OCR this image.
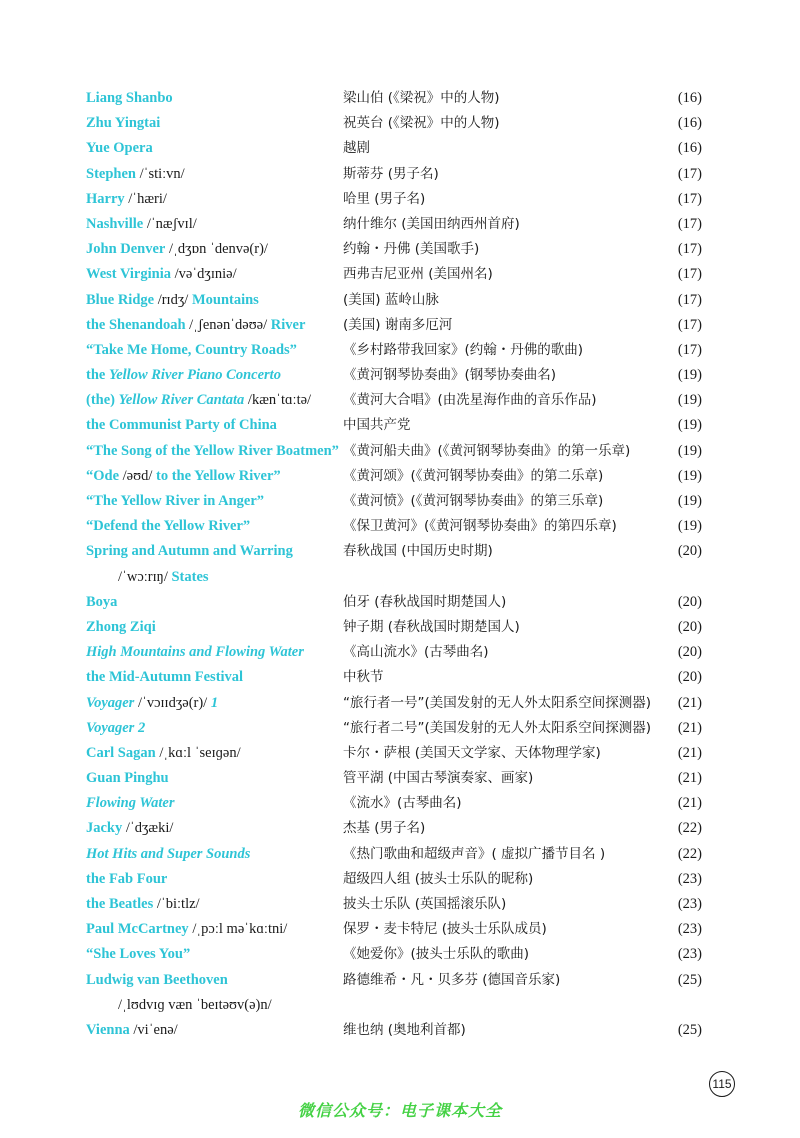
Liang Shanbo	梁山伯 (《梁祝》中的人物)	(16)
Zhu Yingtai	祝英台 (《梁祝》中的人物)	(16)
Yue Opera	越剧	(16)
Stephen /ˈstiːvn/	斯蒂芬 (男子名)	(17)
Harry /ˈhæri/	哈里 (男子名)	(17)
Nashville /ˈnæʃvɪl/	纳什维尔 (美国田纳西州首府)	(17)
John Denver /ˌdʒɒn ˈdenvə(r)/	约翰・丹佛 (美国歌手)	(17)
West Virginia /vəˈdʒɪniə/	西弗吉尼亚州 (美国州名)	(17)
Blue Ridge /rɪdʒ/ Mountains	(美国) 蓝岭山脉	(17)
the Shenandoah /ˌʃenənˈdəʊə/ River	(美国) 谢南多厄河	(17)
“Take Me Home, Country Roads”	《乡村路带我回家》(约翰・丹佛的歌曲)	(17)
the Yellow River Piano Concerto	《黄河钢琴协奏曲》(钢琴协奏曲名)	(19)
(the) Yellow River Cantata /kænˈtɑːtə/ 《黄河大合唱》(由冼星海作曲的音乐作品)	(19)
the Communist Party of China	中国共产党	(19)
“The Song of the Yellow River Boatmen” 《黄河船夫曲》(《黄河钢琴协奏曲》的第一乐章)	(19)
“Ode /əʊd/ to the Yellow River”	《黄河颂》(《黄河钢琴协奏曲》的第二乐章)	(19)
“The Yellow River in Anger”	《黄河愤》(《黄河钢琴协奏曲》的第三乐章)	(19)
“Defend the Yellow River”	《保卫黄河》(《黄河钢琴协奏曲》的第四乐章)	(19)
Spring and Autumn and Warring	春秋战国 (中国历史时期)	(20)
/ˈwɔːrɪŋ/ States
Boya	伯牙 (春秋战国时期楚国人)	(20)
Zhong Ziqi	钟子期 (春秋战国时期楚国人)	(20)
High Mountains and Flowing Water	《高山流水》(古琴曲名)	(20)
the Mid-Autumn Festival	中秋节	(20)
Voyager /ˈvɔɪɪdʒə(r)/ 1	“旅行者一号”(美国发射的无人外太阳系空间探测器) (21)
Voyager 2	“旅行者二号”(美国发射的无人外太阳系空间探测器) (21)
Carl Sagan /ˌkɑːl ˈseɪɡən/	卡尔・萨根 (美国天文学家、天体物理学家)	(21)
Guan Pinghu	管平湖 (中国古琴演奏家、画家)	(21)
Flowing Water	《流水》(古琴曲名)	(21)
Jacky /ˈdʒæki/	杰基 (男子名)	(22)
Hot Hits and Super Sounds	《热门歌曲和超级声音》( 虚拟广播节目名 )	(22)
the Fab Four	超级四人组 (披头士乐队的昵称)	(23)
the Beatles /ˈbiːtlz/	披头士乐队 (英国摇滚乐队)	(23)
Paul McCartney /ˌpɔːl məˈkɑːtni/	保罗・麦卡特尼 (披头士乐队成员)	(23)
“She Loves You”	《她爱你》(披头士乐队的歌曲)	(23)
Ludwig van Beethoven	路德维希・凡・贝多芬 (德国音乐家)	(25)
/ˌlʊdvɪɡ væn ˈbeɪtəʊv(ə)n/
Vienna /viˈenə/	维也纳 (奥地利首都)	(25)
115
微信公众号：电子课本大全
